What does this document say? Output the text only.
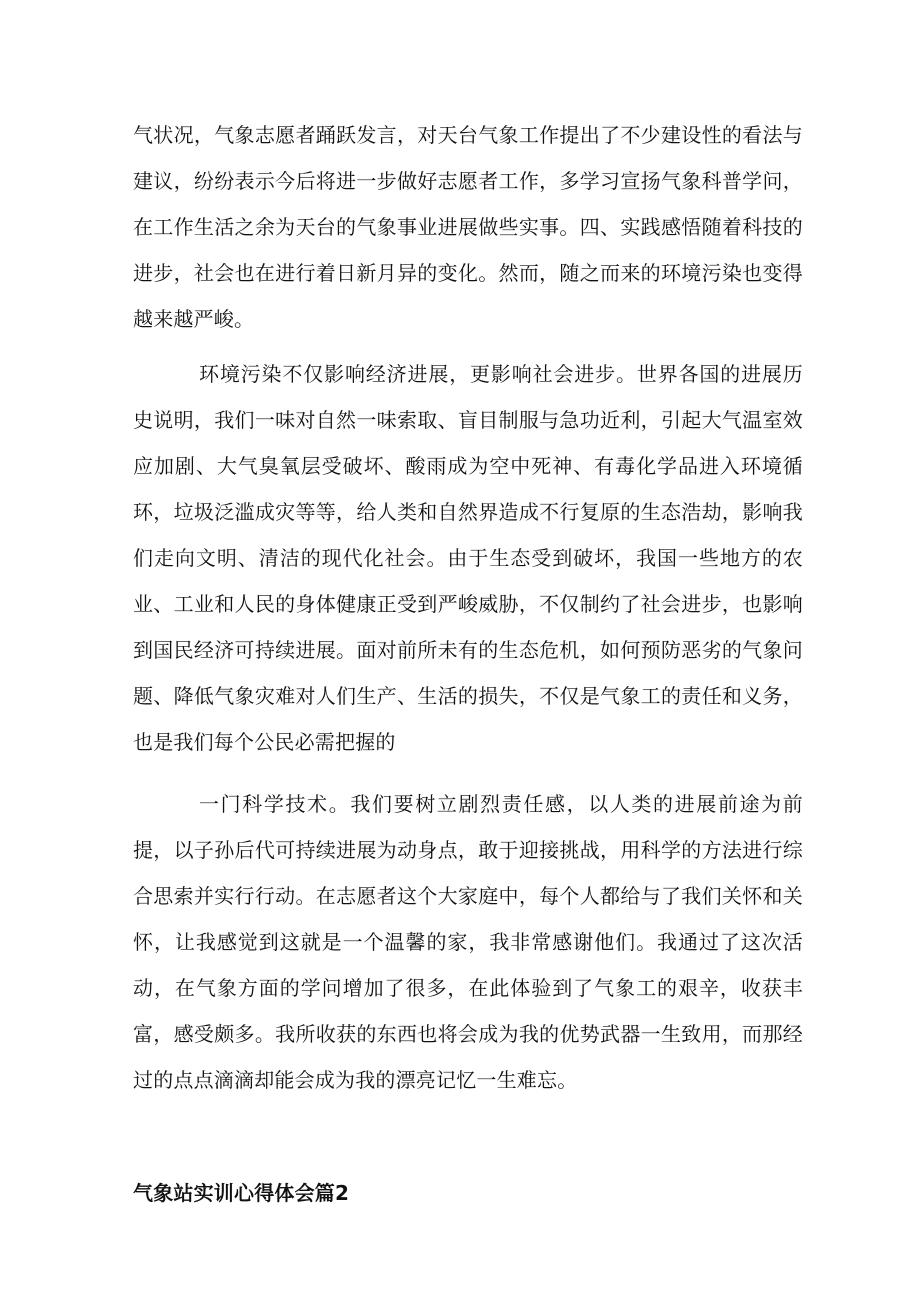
气状况，气象志愿者踊跃发言，对天台气象工作提出了不少建设性的看法与建议，纷纷表示今后将进一步做好志愿者工作，多学习宣扬气象科普学问，在工作生活之余为天台的气象事业进展做些实事。四、实践感悟随着科技的进步，社会也在进行着日新月异的变化。然而，随之而来的环境污染也变得越来越严峻。

环境污染不仅影响经济进展，更影响社会进步。世界各国的进展历史说明，我们一味对自然一味索取、盲目制服与急功近利，引起大气温室效应加剧、大气臭氧层受破坏、酸雨成为空中死神、有毒化学品进入环境循环，垃圾泛滥成灾等等，给人类和自然界造成不行复原的生态浩劫，影响我们走向文明、清洁的现代化社会。由于生态受到破坏，我国一些地方的农业、工业和人民的身体健康正受到严峻威胁，不仅制约了社会进步，也影响到国民经济可持续进展。面对前所未有的生态危机，如何预防恶劣的气象问题、降低气象灾难对人们生产、生活的损失，不仅是气象工的责任和义务，也是我们每个公民必需把握的

一门科学技术。我们要树立剧烈责任感，以人类的进展前途为前提，以子孙后代可持续进展为动身点，敢于迎接挑战，用科学的方法进行综合思索并实行行动。在志愿者这个大家庭中，每个人都给与了我们关怀和关怀，让我感觉到这就是一个温馨的家，我非常感谢他们。我通过了这次活动，在气象方面的学问增加了很多，在此体验到了气象工的艰辛，收获丰富，感受颇多。我所收获的东西也将会成为我的优势武器一生致用，而那经过的点点滴滴却能会成为我的漂亮记忆一生难忘。

气象站实训心得体会篇2
